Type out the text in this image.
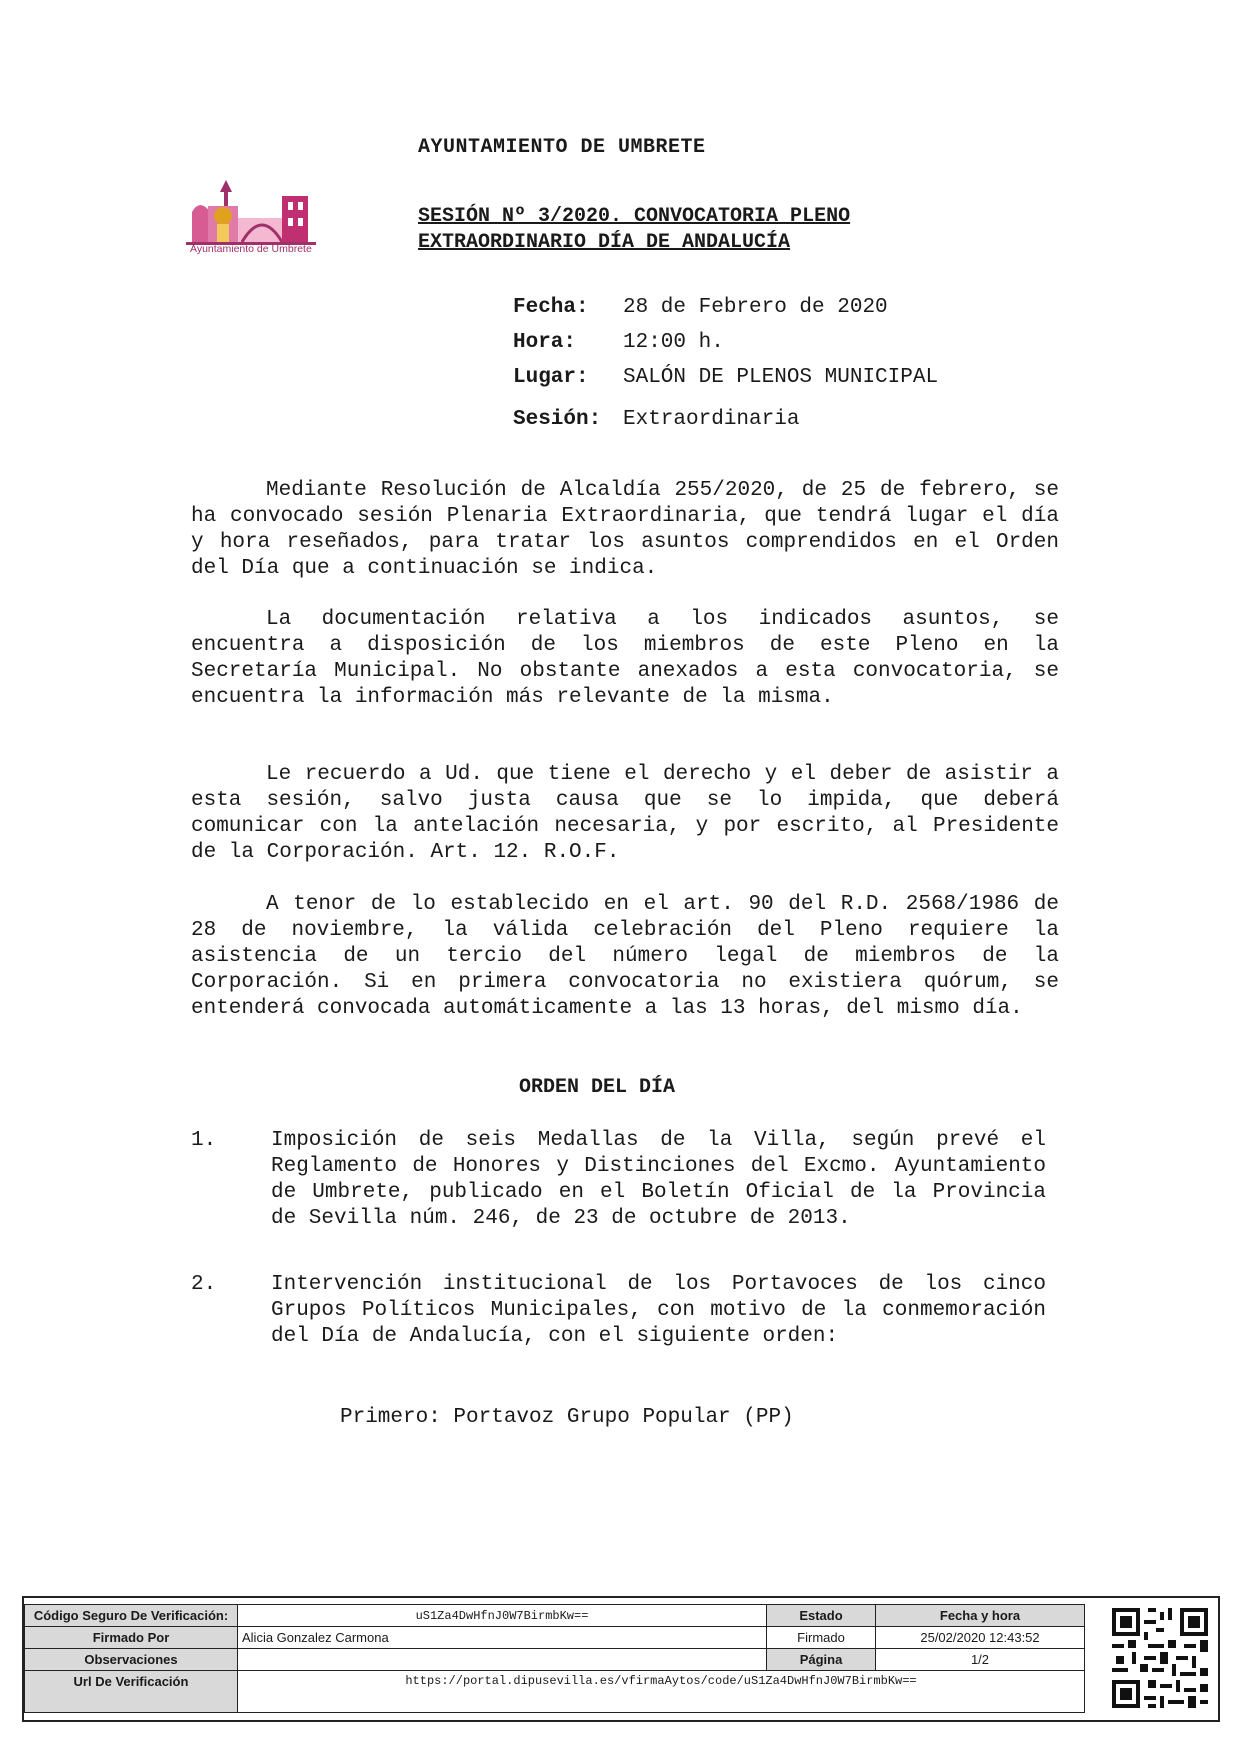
AYUNTAMIENTO DE UMBRETE
Ayuntamiento de Umbrete
SESIÓN Nº 3/2020. CONVOCATORIA PLENO EXTRAORDINARIO DÍA DE ANDALUCÍA
Fecha:	28 de Febrero de 2020
Hora:	12:00 h.
Lugar:	SALÓN DE PLENOS MUNICIPAL
Sesión:	Extraordinaria
Mediante Resolución de Alcaldía 255/2020, de 25 de febrero, se ha convocado sesión Plenaria Extraordinaria, que tendrá lugar el día y hora reseñados, para tratar los asuntos comprendidos en el Orden del Día que a continuación se indica.
La documentación relativa a los indicados asuntos, se encuentra a disposición de los miembros de este Pleno en la Secretaría Municipal. No obstante anexados a esta convocatoria, se encuentra la información más relevante de la misma.
Le recuerdo a Ud. que tiene el derecho y el deber de asistir a esta sesión, salvo justa causa que se lo impida, que deberá comunicar con la antelación necesaria, y por escrito, al Presidente de la Corporación. Art. 12. R.O.F.
A tenor de lo establecido en el art. 90 del R.D. 2568/1986 de 28 de noviembre, la válida celebración del Pleno requiere la asistencia de un tercio del número legal de miembros de la Corporación. Si en primera convocatoria no existiera quórum, se entenderá convocada automáticamente a las 13 horas, del mismo día.
ORDEN DEL DÍA
1.	Imposición de seis Medallas de la Villa, según prevé el Reglamento de Honores y Distinciones del Excmo. Ayuntamiento de Umbrete, publicado en el Boletín Oficial de la Provincia de Sevilla núm. 246, de 23 de octubre de 2013.
2.	Intervención institucional de los Portavoces de los cinco Grupos Políticos Municipales, con motivo de la conmemoración del Día de Andalucía, con el siguiente orden:
Primero: Portavoz Grupo Popular (PP)
Código Seguro De Verificación:	uS1Za4DwHfnJ0W7BirmbKw==	Estado	Fecha y hora
Firmado Por	Alicia Gonzalez Carmona	Firmado	25/02/2020 12:43:52
Observaciones		Página	1/2
Url De Verificación	https://portal.dipusevilla.es/vfirmaAytos/code/uS1Za4DwHfnJ0W7BirmbKw==		
